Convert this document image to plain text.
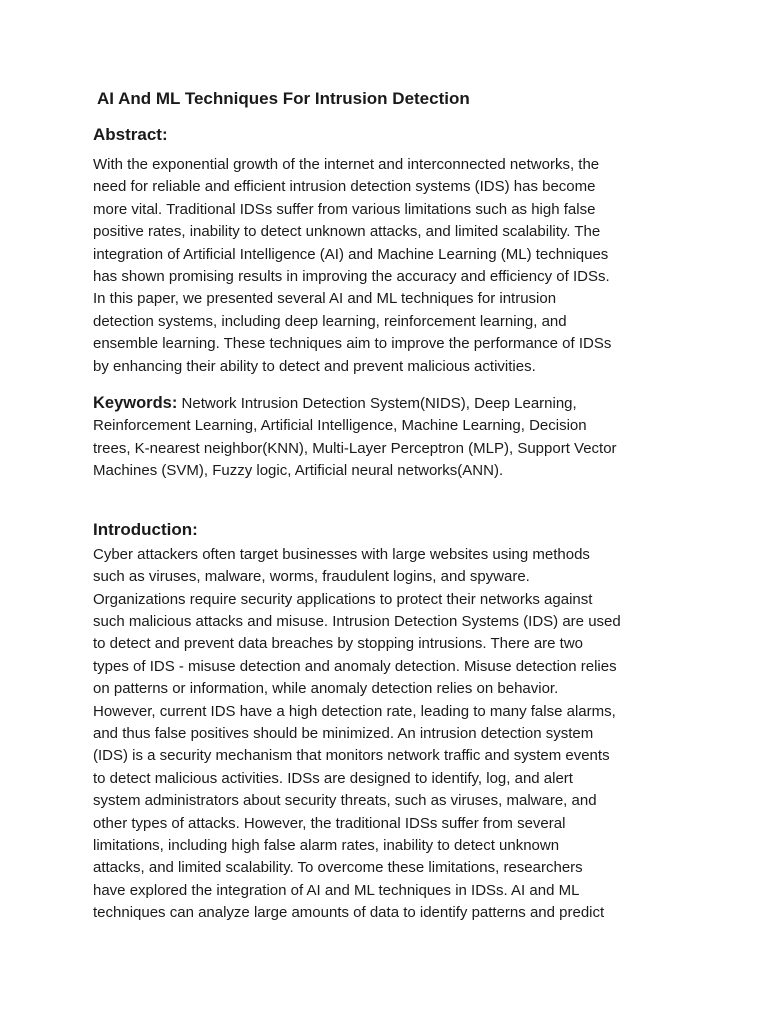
AI And ML Techniques For Intrusion Detection
Abstract:
With the exponential growth of the internet and interconnected networks, the
need for reliable and efficient intrusion detection systems (IDS) has become
more vital. Traditional IDSs suffer from various limitations such as high false
positive rates, inability to detect unknown attacks, and limited scalability. The
integration of Artificial Intelligence (AI) and Machine Learning (ML) techniques
has shown promising results in improving the accuracy and efficiency of IDSs.
In this paper, we presented several AI and ML techniques for intrusion
detection systems, including deep learning, reinforcement learning, and
ensemble learning. These techniques aim to improve the performance of IDSs
by enhancing their ability to detect and prevent malicious activities.
Keywords: Network Intrusion Detection System(NIDS), Deep Learning,
Reinforcement Learning, Artificial Intelligence, Machine Learning, Decision
trees, K-nearest neighbor(KNN), Multi-Layer Perceptron (MLP), Support Vector
Machines (SVM), Fuzzy logic, Artificial neural networks(ANN).
Introduction:
Cyber attackers often target businesses with large websites using methods
such as viruses, malware, worms, fraudulent logins, and spyware.
Organizations require security applications to protect their networks against
such malicious attacks and misuse. Intrusion Detection Systems (IDS) are used
to detect and prevent data breaches by stopping intrusions. There are two
types of IDS - misuse detection and anomaly detection. Misuse detection relies
on patterns or information, while anomaly detection relies on behavior.
However, current IDS have a high detection rate, leading to many false alarms,
and thus false positives should be minimized. An intrusion detection system
(IDS) is a security mechanism that monitors network traffic and system events
to detect malicious activities. IDSs are designed to identify, log, and alert
system administrators about security threats, such as viruses, malware, and
other types of attacks. However, the traditional IDSs suffer from several
limitations, including high false alarm rates, inability to detect unknown
attacks, and limited scalability. To overcome these limitations, researchers
have explored the integration of AI and ML techniques in IDSs. AI and ML
techniques can analyze large amounts of data to identify patterns and predict
